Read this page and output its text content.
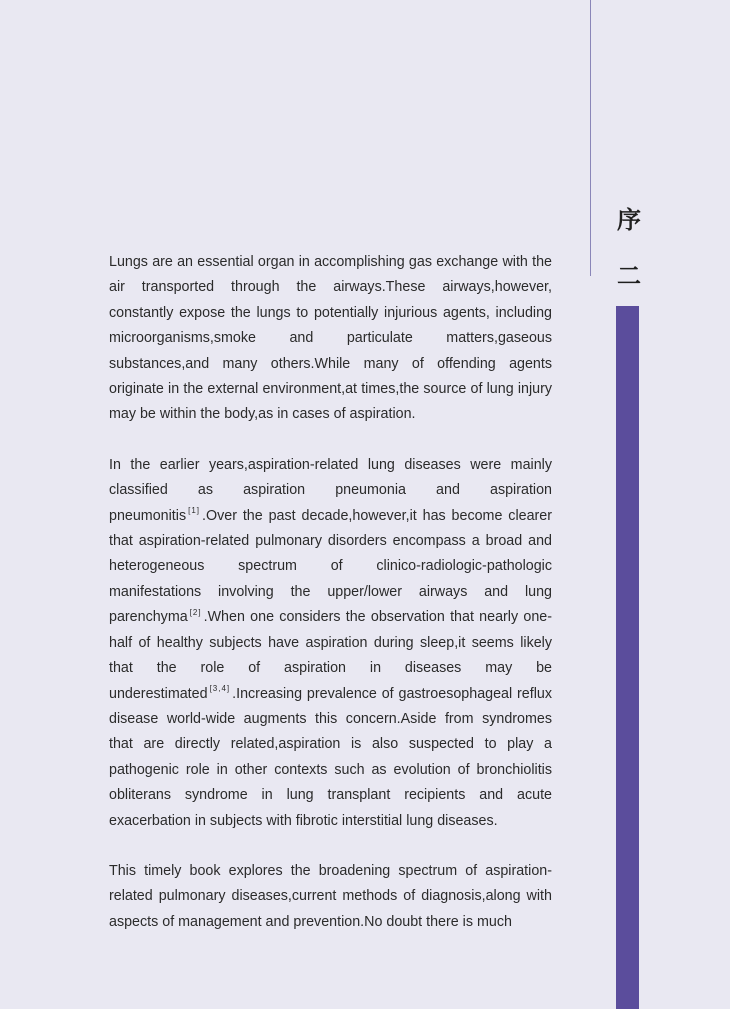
序
二

Lungs are an essential organ in accomplishing gas exchange with the air transported through the airways.These airways,however, constantly expose the lungs to potentially injurious agents, including microorganisms,smoke and particulate matters,gaseous substances,and many others.While many of offending agents originate in the external environment,at times,the source of lung injury may be within the body,as in cases of aspiration.

In the earlier years,aspiration-related lung diseases were mainly classified as aspiration pneumonia and aspiration pneumonitis [1] .Over the past decade,however,it has become clearer that aspiration-related pulmonary disorders encompass a broad and heterogeneous spectrum of clinico-radiologic-pathologic manifestations involving the upper/lower airways and lung parenchyma [2] .When one considers the observation that nearly one-half of healthy subjects have aspiration during sleep,it seems likely that the role of aspiration in diseases may be underestimated [3,4] .Increasing prevalence of gastroesophageal reflux disease world-wide augments this concern.Aside from syndromes that are directly related,aspiration is also suspected to play a pathogenic role in other contexts such as evolution of bronchiolitis obliterans syndrome in lung transplant recipients and acute exacerbation in subjects with fibrotic interstitial lung diseases.

This timely book explores the broadening spectrum of aspiration-related pulmonary diseases,current methods of diagnosis,along with aspects of management and prevention.No doubt there is much
